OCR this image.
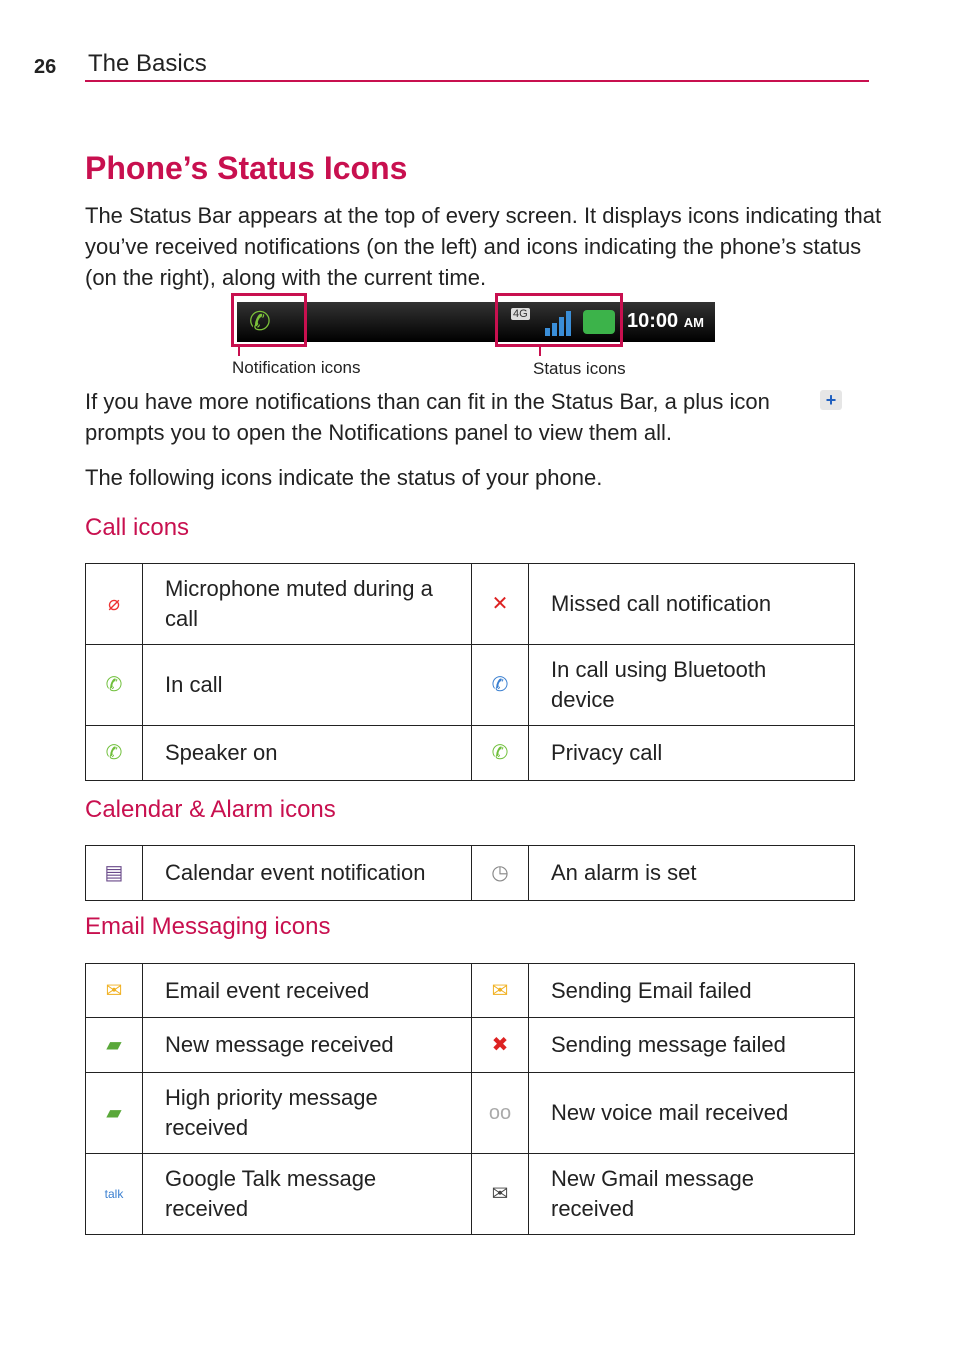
26 The Basics
Phone’s Status Icons
The Status Bar appears at the top of every screen. It displays icons indicating that you’ve received notifications (on the left) and icons indicating the phone’s status (on the right), along with the current time.
✆	4G	10:00 AM
Notification icons	Status icons
If you have more notifications than can fit in the Status Bar, a plus icon prompts you to open the Notifications panel to view them all.
+
The following icons indicate the status of your phone.
Call icons
⌀	Microphone muted during a call	✕	Missed call notification
✆	In call	✆	In call using Bluetooth device
✆	Speaker on	✆	Privacy call
Calendar & Alarm icons
▤	Calendar event notification	◷	An alarm is set
Email Messaging icons
✉	Email event received	✉	Sending Email failed
▰	New message received	✖	Sending message failed
▰	High priority message received	oo	New voice mail received
talk	Google Talk message received	✉	New Gmail message received
